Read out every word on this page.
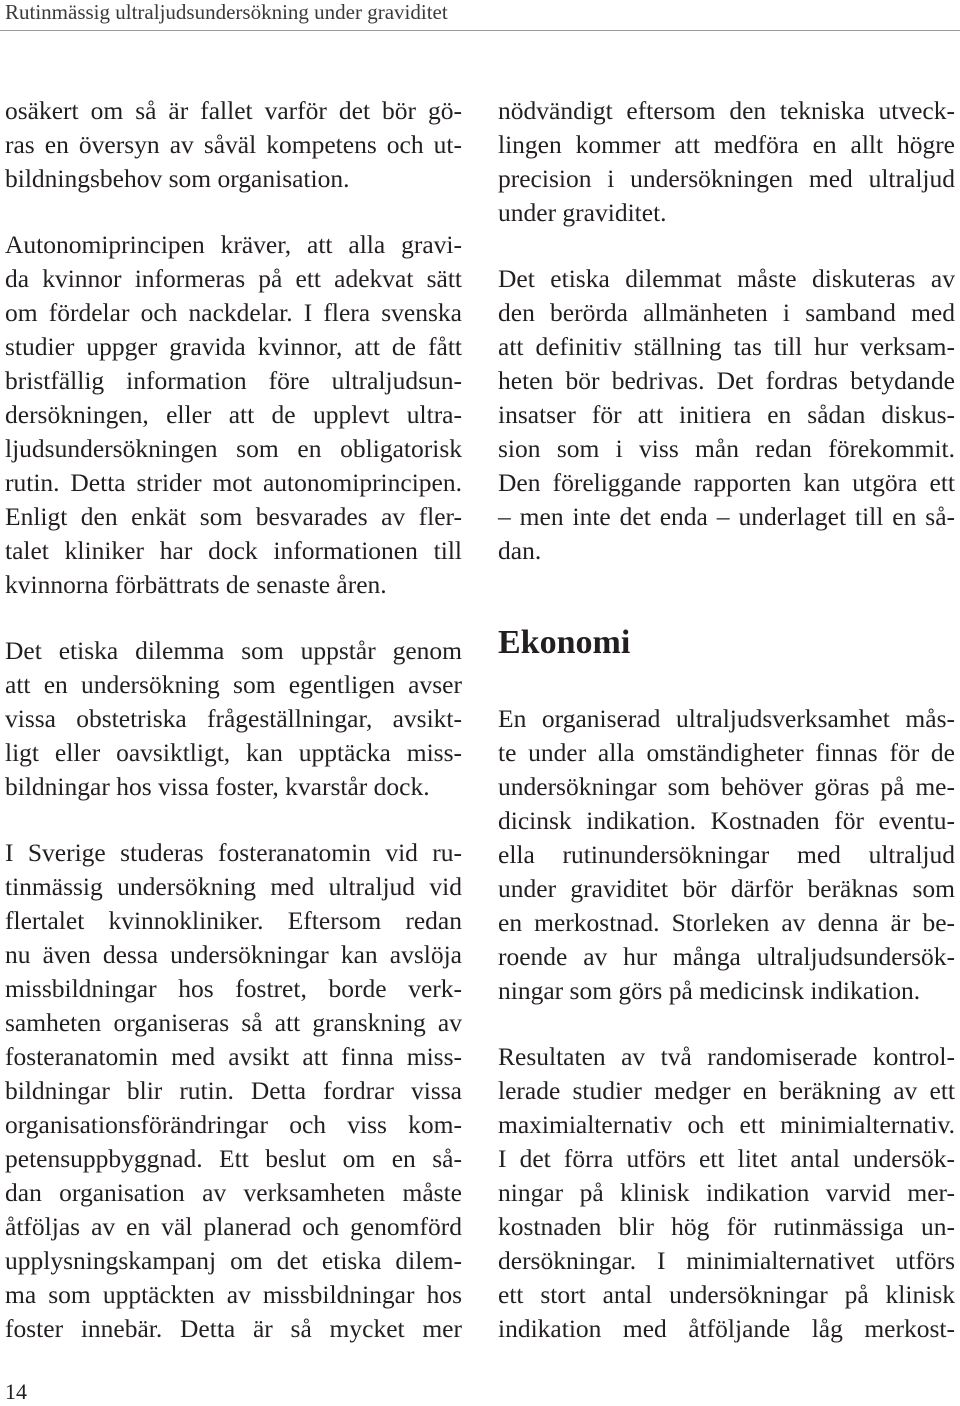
Rutinmässig ultraljudsundersökning under graviditet
osäkert om så är fallet varför det bör gö-
ras en översyn av såväl kompetens och ut-
bildningsbehov som organisation.
Autonomiprincipen kräver, att alla gravi-
da kvinnor informeras på ett adekvat sätt
om fördelar och nackdelar. I flera svenska
studier uppger gravida kvinnor, att de fått
bristfällig information före ultraljudsun-
dersökningen, eller att de upplevt ultra-
ljudsundersökningen som en obligatorisk
rutin. Detta strider mot autonomiprincipen.
Enligt den enkät som besvarades av fler-
talet kliniker har dock informationen till
kvinnorna förbättrats de senaste åren.
Det etiska dilemma som uppstår genom
att en undersökning som egentligen avser
vissa obstetriska frågeställningar, avsikt-
ligt eller oavsiktligt, kan upptäcka miss-
bildningar hos vissa foster, kvarstår dock.
I Sverige studeras fosteranatomin vid ru-
tinmässig undersökning med ultraljud vid
flertalet kvinnokliniker. Eftersom redan
nu även dessa undersökningar kan avslöja
missbildningar hos fostret, borde verk-
samheten organiseras så att granskning av
fosteranatomin med avsikt att finna miss-
bildningar blir rutin. Detta fordrar vissa
organisationsförändringar och viss kom-
petensuppbyggnad. Ett beslut om en så-
dan organisation av verksamheten måste
åtföljas av en väl planerad och genomförd
upplysningskampanj om det etiska dilem-
ma som upptäckten av missbildningar hos
foster innebär. Detta är så mycket mer
nödvändigt eftersom den tekniska utveck-
lingen kommer att medföra en allt högre
precision i undersökningen med ultraljud
under graviditet.
Det etiska dilemmat måste diskuteras av
den berörda allmänheten i samband med
att definitiv ställning tas till hur verksam-
heten bör bedrivas. Det fordras betydande
insatser för att initiera en sådan diskus-
sion som i viss mån redan förekommit.
Den föreliggande rapporten kan utgöra ett
– men inte det enda – underlaget till en så-
dan.
Ekonomi
En organiserad ultraljudsverksamhet mås-
te under alla omständigheter finnas för de
undersökningar som behöver göras på me-
dicinsk indikation. Kostnaden för eventu-
ella rutinundersökningar med ultraljud
under graviditet bör därför beräknas som
en merkostnad. Storleken av denna är be-
roende av hur många ultraljudsundersök-
ningar som görs på medicinsk indikation.
Resultaten av två randomiserade kontrol-
lerade studier medger en beräkning av ett
maximialternativ och ett minimialternativ.
I det förra utförs ett litet antal undersök-
ningar på klinisk indikation varvid mer-
kostnaden blir hög för rutinmässiga un-
dersökningar. I minimialternativet utförs
ett stort antal undersökningar på klinisk
indikation med åtföljande låg merkost-
14
